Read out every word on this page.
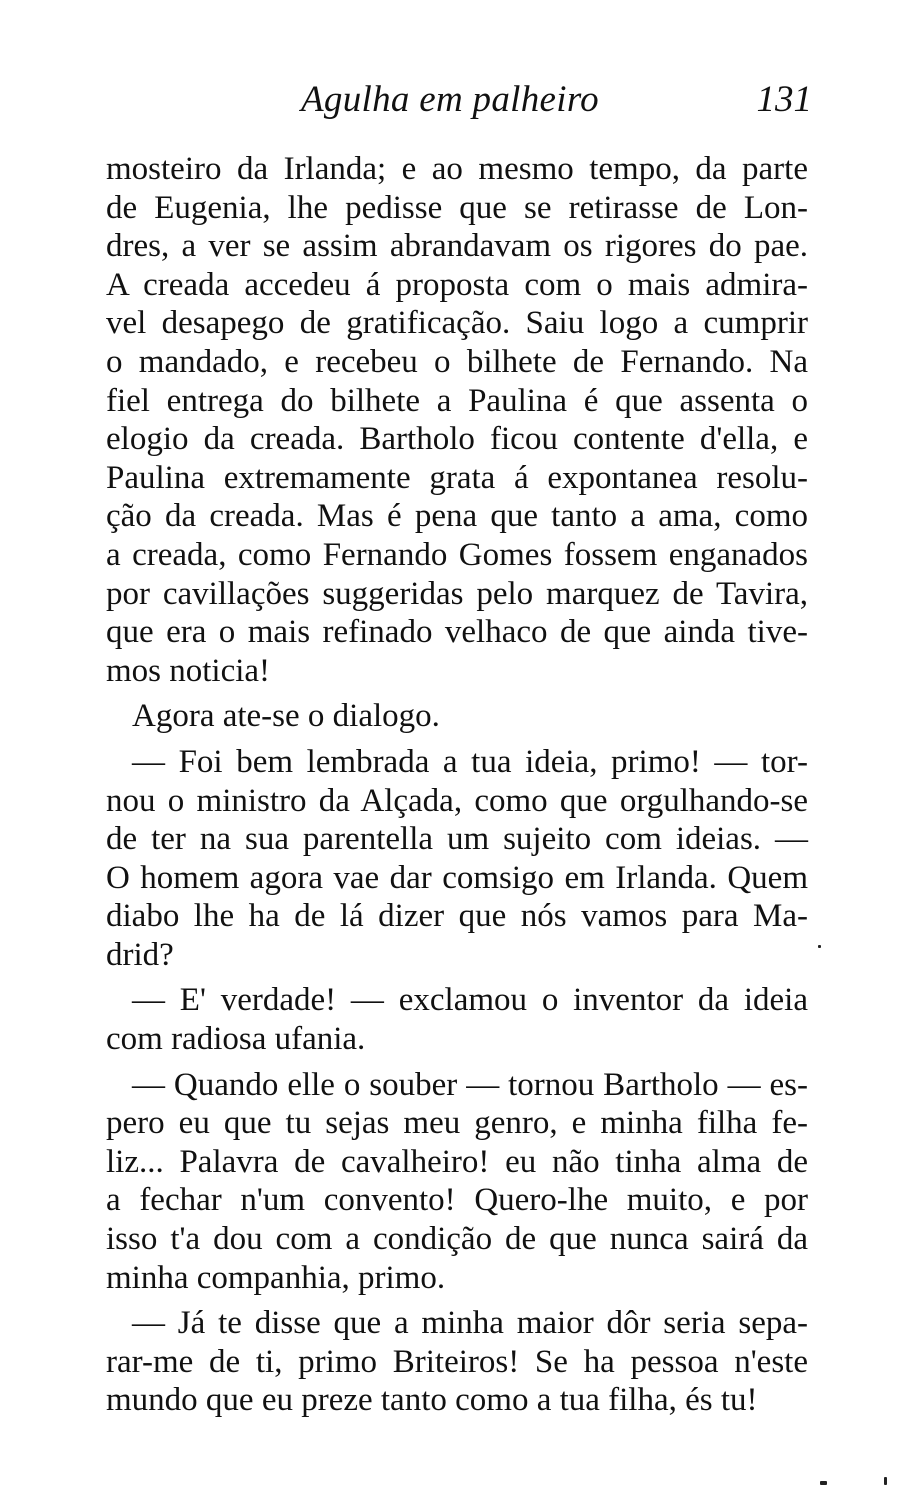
Agulha em palheiro	131
mosteiro da Irlanda; e ao mesmo tempo, da parte
de Eugenia, lhe pedisse que se retirasse de Lon-
dres, a ver se assim abrandavam os rigores do pae.
A creada accedeu á proposta com o mais admira-
vel desapego de gratificação. Saiu logo a cumprir
o mandado, e recebeu o bilhete de Fernando. Na
fiel entrega do bilhete a Paulina é que assenta o
elogio da creada. Bartholo ficou contente d'ella, e
Paulina extremamente grata á expontanea resolu-
ção da creada. Mas é pena que tanto a ama, como
a creada, como Fernando Gomes fossem enganados
por cavillações suggeridas pelo marquez de Tavira,
que era o mais refinado velhaco de que ainda tive-
mos noticia!
Agora ate-se o dialogo.
— Foi bem lembrada a tua ideia, primo! — tor-
nou o ministro da Alçada, como que orgulhando-se
de ter na sua parentella um sujeito com ideias. —
O homem agora vae dar comsigo em Irlanda. Quem
diabo lhe ha de lá dizer que nós vamos para Ma-
drid?
— E' verdade! — exclamou o inventor da ideia
com radiosa ufania.
— Quando elle o souber — tornou Bartholo — es-
pero eu que tu sejas meu genro, e minha filha fe-
liz... Palavra de cavalheiro! eu não tinha alma de
a fechar n'um convento! Quero-lhe muito, e por
isso t'a dou com a condição de que nunca sairá da
minha companhia, primo.
— Já te disse que a minha maior dôr seria sepa-
rar-me de ti, primo Briteiros! Se ha pessoa n'este
mundo que eu preze tanto como a tua filha, és tu!
